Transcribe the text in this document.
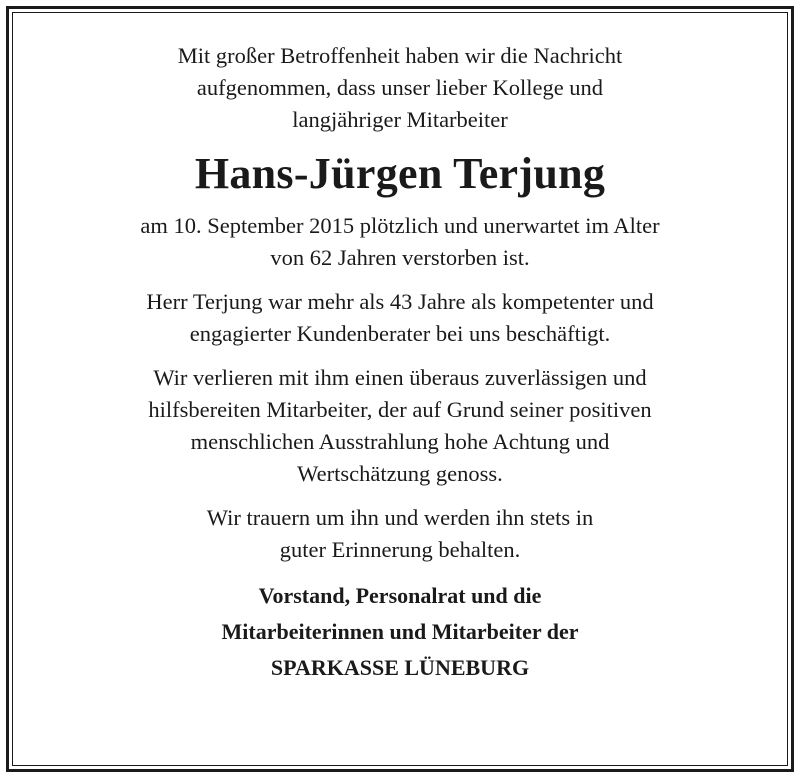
Mit großer Betroffenheit haben wir die Nachricht
aufgenommen, dass unser lieber Kollege und
langjähriger Mitarbeiter

Hans-Jürgen Terjung

am 10. September 2015 plötzlich und unerwartet im Alter
von 62 Jahren verstorben ist.

Herr Terjung war mehr als 43 Jahre als kompetenter und
engagierter Kundenberater bei uns beschäftigt.

Wir verlieren mit ihm einen überaus zuverlässigen und
hilfsbereiten Mitarbeiter, der auf Grund seiner positiven
menschlichen Ausstrahlung hohe Achtung und
Wertschätzung genoss.

Wir trauern um ihn und werden ihn stets in
guter Erinnerung behalten.

Vorstand, Personalrat und die
Mitarbeiterinnen und Mitarbeiter der
SPARKASSE LÜNEBURG
